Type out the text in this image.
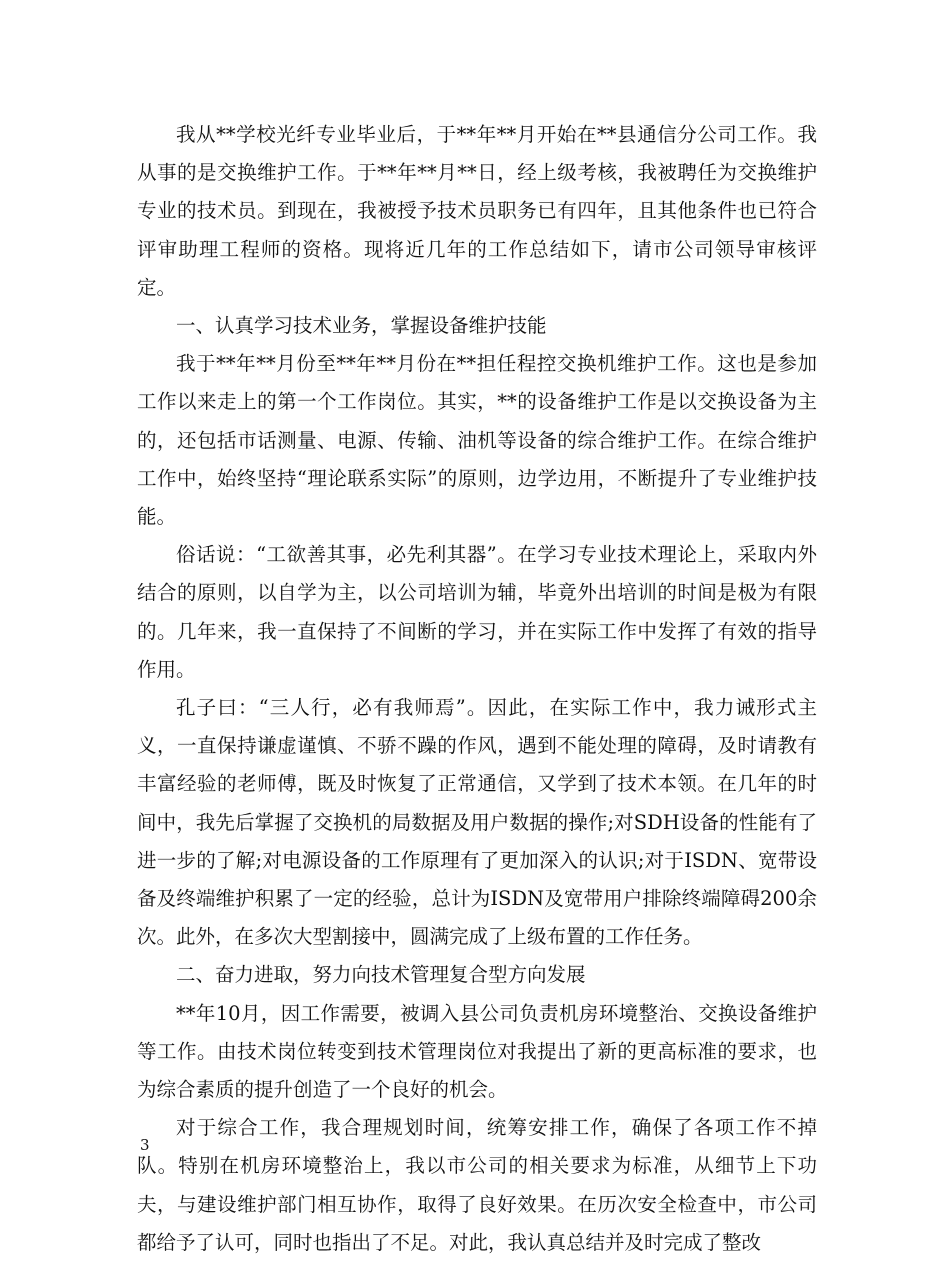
我从**学校光纤专业毕业后，于**年**月开始在**县通信分公司工作。我从事的是交换维护工作。于**年**月**日，经上级考核，我被聘任为交换维护专业的技术员。到现在，我被授予技术员职务已有四年，且其他条件也已符合评审助理工程师的资格。现将近几年的工作总结如下，请市公司领导审核评定。

一、认真学习技术业务，掌握设备维护技能

我于**年**月份至**年**月份在**担任程控交换机维护工作。这也是参加工作以来走上的第一个工作岗位。其实，**的设备维护工作是以交换设备为主的，还包括市话测量、电源、传输、油机等设备的综合维护工作。在综合维护工作中，始终坚持“理论联系实际”的原则，边学边用，不断提升了专业维护技能。

俗话说：“工欲善其事，必先利其器”。在学习专业技术理论上，采取内外结合的原则，以自学为主，以公司培训为辅，毕竟外出培训的时间是极为有限的。几年来，我一直保持了不间断的学习，并在实际工作中发挥了有效的指导作用。

孔子曰：“三人行，必有我师焉”。因此，在实际工作中，我力诫形式主义，一直保持谦虚谨慎、不骄不躁的作风，遇到不能处理的障碍，及时请教有丰富经验的老师傅，既及时恢复了正常通信，又学到了技术本领。在几年的时间中，我先后掌握了交换机的局数据及用户数据的操作;对SDH设备的性能有了进一步的了解;对电源设备的工作原理有了更加深入的认识;对于ISDN、宽带设备及终端维护积累了一定的经验，总计为ISDN及宽带用户排除终端障碍200余次。此外，在多次大型割接中，圆满完成了上级布置的工作任务。

二、奋力进取，努力向技术管理复合型方向发展

**年10月，因工作需要，被调入县公司负责机房环境整治、交换设备维护等工作。由技术岗位转变到技术管理岗位对我提出了新的更高标准的要求，也为综合素质的提升创造了一个良好的机会。

对于综合工作，我合理规划时间，统筹安排工作，确保了各项工作不掉队。特别在机房环境整治上，我以市公司的相关要求为标准，从细节上下功夫，与建设维护部门相互协作，取得了良好效果。在历次安全检查中，市公司都给予了认可，同时也指出了不足。对此，我认真总结并及时完成了整改

3
